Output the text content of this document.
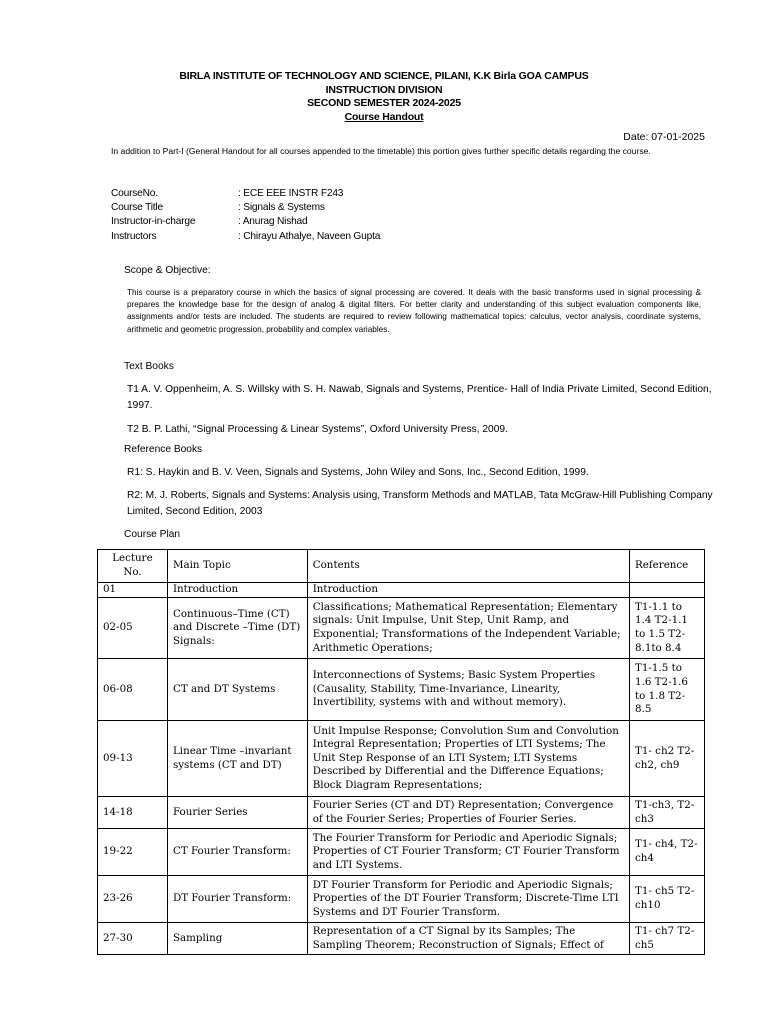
BIRLA INSTITUTE OF TECHNOLOGY AND SCIENCE, PILANI, K.K Birla GOA CAMPUS
INSTRUCTION DIVISION
SECOND SEMESTER 2024-2025
Course Handout
Date: 07-01-2025
In addition to Part-I (General Handout for all courses appended to the timetable) this portion gives further specific details regarding the course.
CourseNo.	: ECE EEE INSTR F243
Course Title	: Signals & Systems
Instructor-in-charge	: Anurag Nishad
Instructors	: Chirayu Athalye, Naveen Gupta
Scope & Objective:
This course is a preparatory course in which the basics of signal processing are covered. It deals with the basic transforms used in signal processing & prepares the knowledge base for the design of analog & digital filters. For better clarity and understanding of this subject evaluation components like, assignments and/or tests are included. The students are required to review following mathematical topics: calculus, vector analysis, coordinate systems, arithmetic and geometric progression, probability and complex variables.
Text Books
T1 A. V. Oppenheim, A. S. Willsky with S. H. Nawab, Signals and Systems, Prentice- Hall of India Private Limited, Second Edition, 1997.
T2 B. P. Lathi, “Signal Processing & Linear Systems”, Oxford University Press, 2009.
Reference Books
R1: S. Haykin and B. V. Veen, Signals and Systems, John Wiley and Sons, Inc., Second Edition, 1999.
R2: M. J. Roberts, Signals and Systems: Analysis using, Transform Methods and MATLAB, Tata McGraw-Hill Publishing Company Limited, Second Edition, 2003
Course Plan
Lecture No.	Main Topic	Contents	Reference
01	Introduction	Introduction	
02-05	Continuous–Time (CT) and Discrete –Time (DT) Signals:	Classifications; Mathematical Representation; Elementary signals: Unit Impulse, Unit Step, Unit Ramp, and Exponential; Transformations of the Independent Variable; Arithmetic Operations;	T1-1.1 to 1.4 T2-1.1 to 1.5 T2-8.1to 8.4
06-08	CT and DT Systems	Interconnections of Systems; Basic System Properties (Causality, Stability, Time-Invariance, Linearity, Invertibility, systems with and without memory).	T1-1.5 to 1.6 T2-1.6 to 1.8 T2-8.5
09-13	Linear Time –invariant systems (CT and DT)	Unit Impulse Response; Convolution Sum and Convolution Integral Representation; Properties of LTI Systems; The Unit Step Response of an LTI System; LTI Systems Described by Differential and the Difference Equations; Block Diagram Representations;	T1- ch2 T2- ch2, ch9
14-18	Fourier Series	Fourier Series (CT and DT) Representation; Convergence of the Fourier Series; Properties of Fourier Series.	T1-ch3, T2-ch3
19-22	CT Fourier Transform:	The Fourier Transform for Periodic and Aperiodic Signals; Properties of CT Fourier Transform; CT Fourier Transform and LTI Systems.	T1- ch4, T2- ch4
23-26	DT Fourier Transform:	DT Fourier Transform for Periodic and Aperiodic Signals; Properties of the DT Fourier Transform; Discrete-Time LTI Systems and DT Fourier Transform.	T1- ch5 T2- ch10
27-30	Sampling	Representation of a CT Signal by its Samples; The Sampling Theorem; Reconstruction of Signals; Effect of	T1- ch7 T2- ch5
